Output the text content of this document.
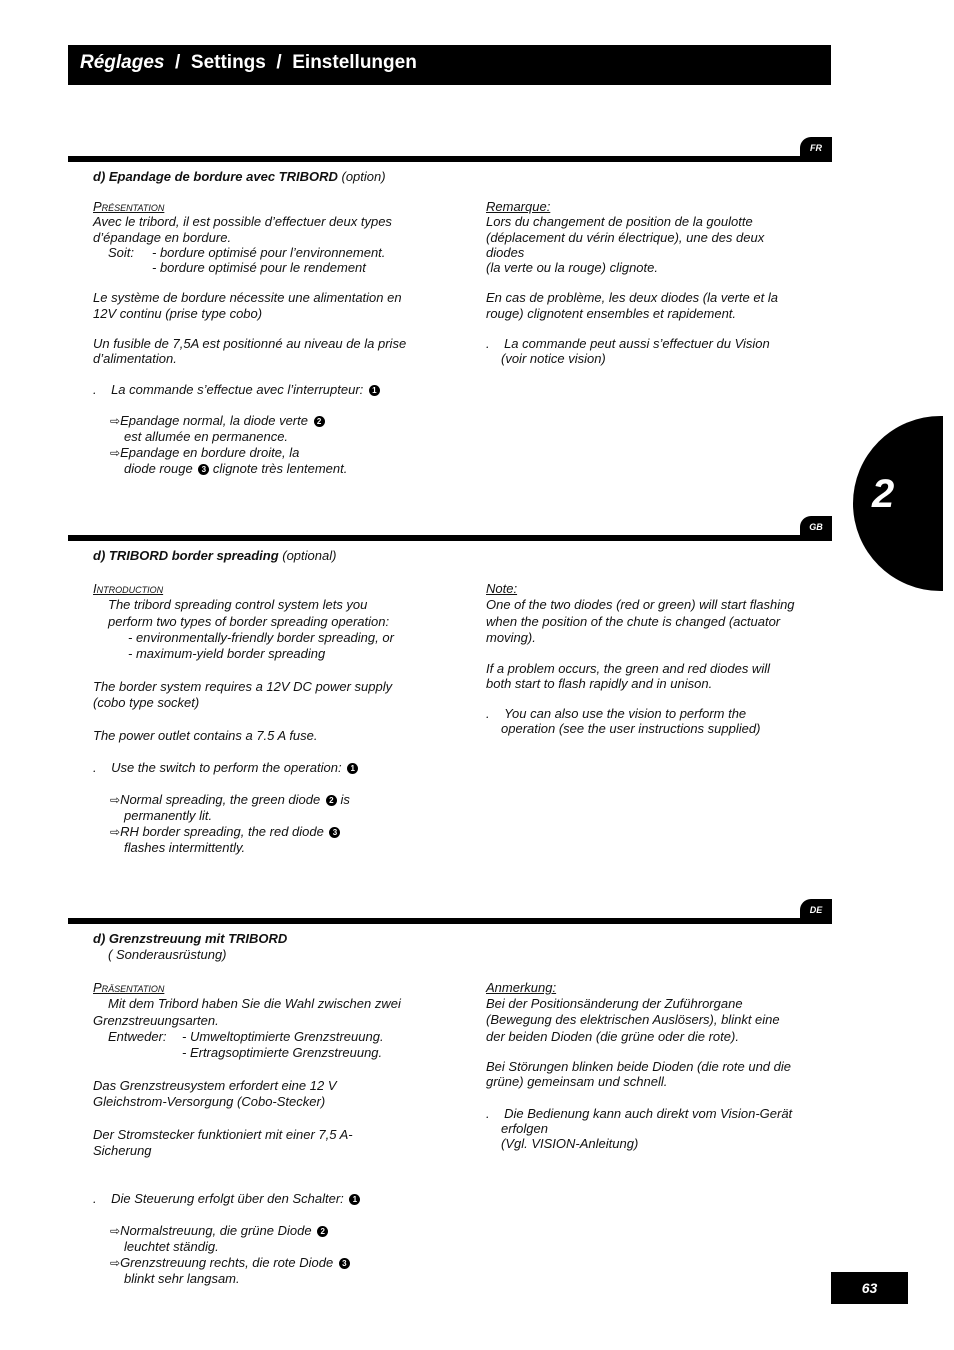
Réglages / Settings / Einstellungen
2
FR
d) Epandage de bordure avec TRIBORD (option)
Présentation
Avec le tribord, il est possible d’effectuer deux types
d’épandage en bordure.
Soit: - bordure optimisé pour l’environnement.
- bordure optimisé pour le rendement
Le système de bordure nécessite une alimentation en
12V continu (prise type cobo)
Un fusible de 7,5A est positionné au niveau de la prise
d’alimentation.
. La commande s’effectue avec l’interrupteur: 1
⇨Epandage normal, la diode verte 2
est allumée en permanence.
⇨Epandage en bordure droite, la
diode rouge 3 clignote très lentement.
Remarque:
Lors du changement de position de la goulotte
(déplacement du vérin électrique), une des deux
diodes
(la verte ou la rouge) clignote.
En cas de problème, les deux diodes (la verte et la
rouge) clignotent ensembles et rapidement.
. La commande peut aussi s’effectuer du Vision
(voir notice vision)
GB
d) TRIBORD border spreading (optional)
Introduction
The tribord spreading control system lets you
perform two types of border spreading operation:
- environmentally-friendly border spreading, or
- maximum-yield border spreading
The border system requires a 12V DC power supply
(cobo type socket)
The power outlet contains a 7.5 A fuse.
. Use the switch to perform the operation: 1
⇨Normal spreading, the green diode 2 is
permanently lit.
⇨RH border spreading, the red diode 3
flashes intermittently.
Note:
One of the two diodes (red or green) will start flashing
when the position of the chute is changed (actuator
moving).
If a problem occurs, the green and red diodes will
both start to flash rapidly and in unison.
. You can also use the vision to perform the
operation (see the user instructions supplied)
DE
d) Grenzstreuung mit TRIBORD
( Sonderausrüstung)
Präsentation
Mit dem Tribord haben Sie die Wahl zwischen zwei
Grenzstreuungsarten.
Entweder: - Umweltoptimierte Grenzstreuung.
- Ertragsoptimierte Grenzstreuung.
Das Grenzstreusystem erfordert eine 12 V
Gleichstrom-Versorgung (Cobo-Stecker)
Der Stromstecker funktioniert mit einer 7,5 A-
Sicherung
. Die Steuerung erfolgt über den Schalter: 1
⇨Normalstreuung, die grüne Diode 2
leuchtet ständig.
⇨Grenzstreuung rechts, die rote Diode 3
blinkt sehr langsam.
Anmerkung:
Bei der Positionsänderung der Zuführorgane
(Bewegung des elektrischen Auslösers), blinkt eine
der beiden Dioden (die grüne oder die rote).
Bei Störungen blinken beide Dioden (die rote und die
grüne) gemeinsam und schnell.
. Die Bedienung kann auch direkt vom Vision-Gerät
erfolgen
(Vgl. VISION-Anleitung)
63
